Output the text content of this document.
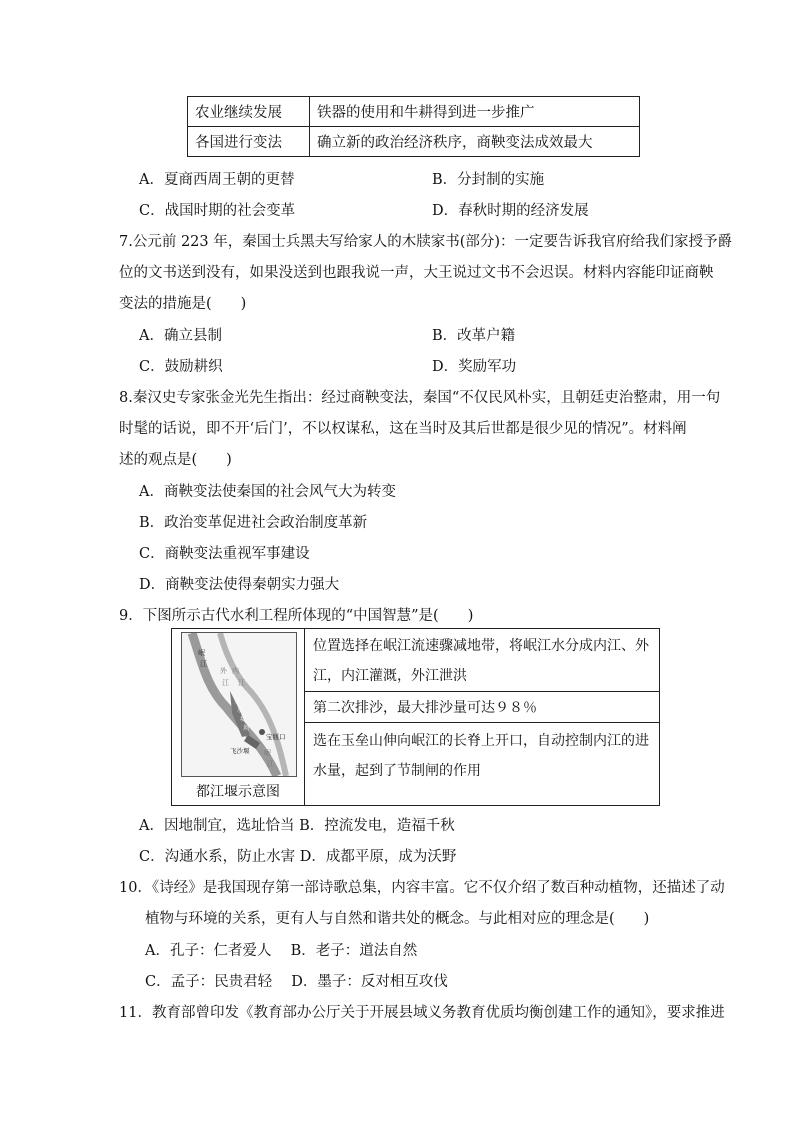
农业继续发展	铁器的使用和牛耕得到进一步推广
各国进行变法	确立新的政治经济秩序，商鞅变法成效最大
A．夏商西周王朝的更替	B．分封制的实施
C．战国时期的社会变革	D．春秋时期的经济发展
7.公元前 223 年，秦国士兵黑夫写给家人的木牍家书(部分)：一定要告诉我官府给我们家授予爵
位的文书送到没有，如果没送到也跟我说一声，大王说过文书不会迟误。材料内容能印证商鞅
变法的措施是(　　)
A．确立县制	B．改革户籍
C．鼓励耕织	D．奖励军功
8.秦汉史专家张金光先生指出：经过商鞅变法，秦国“不仅民风朴实，且朝廷吏治整肃，用一句
时髦的话说，即不开‘后门’，不以权谋私，这在当时及其后世都是很少见的情况”。材料阐
述的观点是(　　)
A．商鞅变法使秦国的社会风气大为转变
B．政治变革促进社会政治制度革新
C．商鞅变法重视军事建设
D．商鞅变法使得秦朝实力强大
9．下图所示古代水利工程所体现的“中国智慧”是(　　)
岷
江
内
江
外
江
分
水
堤
坝
宝瓶口
飞沙堰 岷
江
都江堰示意图
位置选择在岷江流速骤减地带，将岷江水分成内江、外
江，内江灌溉，外江泄洪
第二次排沙，最大排沙量可达９８％
选在玉垒山伸向岷江的长脊上开口，自动控制内江的进
水量，起到了节制闸的作用
A．因地制宜，选址恰当 B．控流发电，造福千秋
C．沟通水系，防止水害 D．成都平原，成为沃野
10．《诗经》是我国现存第一部诗歌总集，内容丰富。它不仅介绍了数百种动植物，还描述了动
植物与环境的关系，更有人与自然和谐共处的概念。与此相对应的理念是(　　)
A．孔子：仁者爱人　 B．老子：道法自然
C．孟子：民贵君轻　 D．墨子：反对相互攻伐
11．教育部曾印发《教育部办公厅关于开展县域义务教育优质均衡创建工作的通知》，要求推进
